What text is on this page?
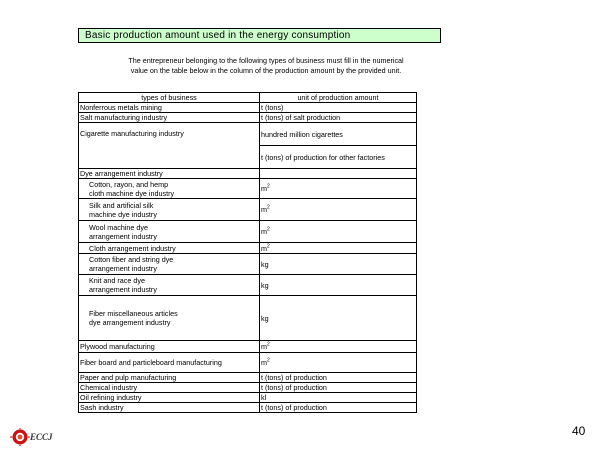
Basic production amount used in the energy consumption
The entrepreneur belonging to the following types of business must fill in the numerical
value on the table below in the column of the production amount by the provided unit.
types of business	unit of production amount
Nonferrous metals mining	t (tons)
Salt manufacturing industry	t (tons) of salt production
Cigarette manufacturing industry	hundred million cigarettes
	t (tons) of production for other factories
Dye arrangement industry	

Cotton, rayon, and hemp
cloth machine dye industry	$m^2$

Silk and artificial silk
machine dye industry	$m^2$

Wool machine dye
arrangement industry	$m^2$
Cloth arrangement industry	$m^2$

Cotton fiber and string dye
arrangement industry	kg

Knit and race dye
arrangement industry	kg

Fiber miscellaneous articles
dye arrangement industry	kg
Plywood manufacturing	$m^2$
Fiber board and particleboard manufacturing	$m^2$
Paper and pulp manufacturing	t (tons) of production
Chemical industry	t (tons) of production
Oil refining industry	kl
Sash industry	t (tons) of production
ECCJ	40
